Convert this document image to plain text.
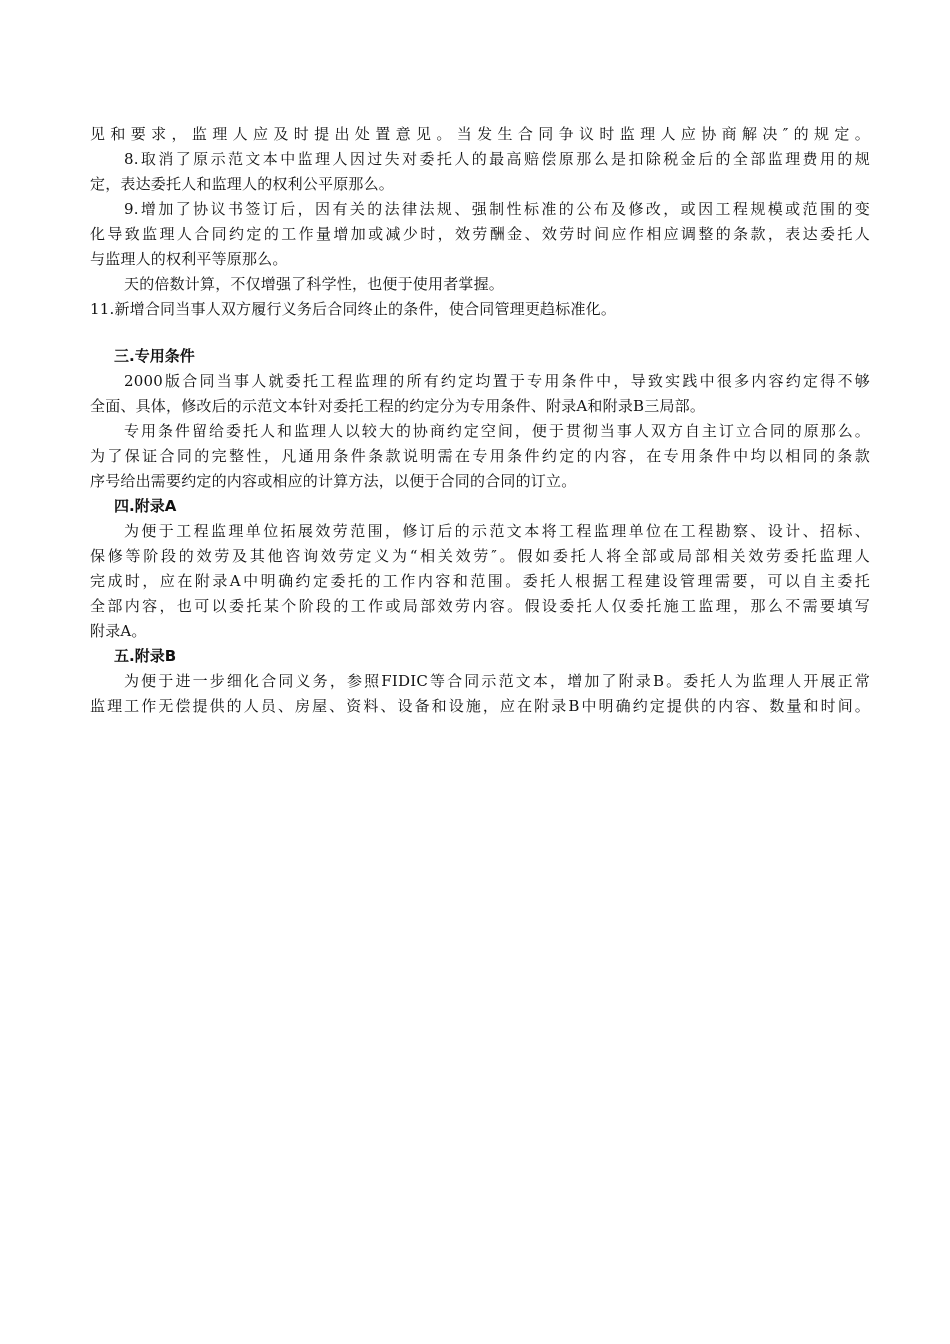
见和要求，监理人应及时提出处置意见。当发生合同争议时监理人应协商解决″的规定。
8.取消了原示范文本中监理人因过失对委托人的最高赔偿原那么是扣除税金后的全部监理费用的规
定，表达委托人和监理人的权利公平原那么。
9.增加了协议书签订后，因有关的法律法规、强制性标准的公布及修改，或因工程规模或范围的变
化导致监理人合同约定的工作量增加或减少时，效劳酬金、效劳时间应作相应调整的条款，表达委托人
与监理人的权利平等原那么。
天的倍数计算，不仅增强了科学性，也便于使用者掌握。
11.新增合同当事人双方履行义务后合同终止的条件，使合同管理更趋标准化。
三.专用条件
2000版合同当事人就委托工程监理的所有约定均置于专用条件中，导致实践中很多内容约定得不够
全面、具体，修改后的示范文本针对委托工程的约定分为专用条件、附录A和附录B三局部。
专用条件留给委托人和监理人以较大的协商约定空间，便于贯彻当事人双方自主订立合同的原那么。
为了保证合同的完整性，凡通用条件条款说明需在专用条件约定的内容，在专用条件中均以相同的条款
序号给出需要约定的内容或相应的计算方法，以便于合同的合同的订立。
四.附录A
为便于工程监理单位拓展效劳范围，修订后的示范文本将工程监理单位在工程勘察、设计、招标、
保修等阶段的效劳及其他咨询效劳定义为“相关效劳″。假如委托人将全部或局部相关效劳委托监理人
完成时，应在附录A中明确约定委托的工作内容和范围。委托人根据工程建设管理需要，可以自主委托
全部内容，也可以委托某个阶段的工作或局部效劳内容。假设委托人仅委托施工监理，那么不需要填写
附录A。
五.附录B
为便于进一步细化合同义务，参照FIDIC等合同示范文本，增加了附录B。委托人为监理人开展正常
监理工作无偿提供的人员、房屋、资料、设备和设施，应在附录B中明确约定提供的内容、数量和时间。
